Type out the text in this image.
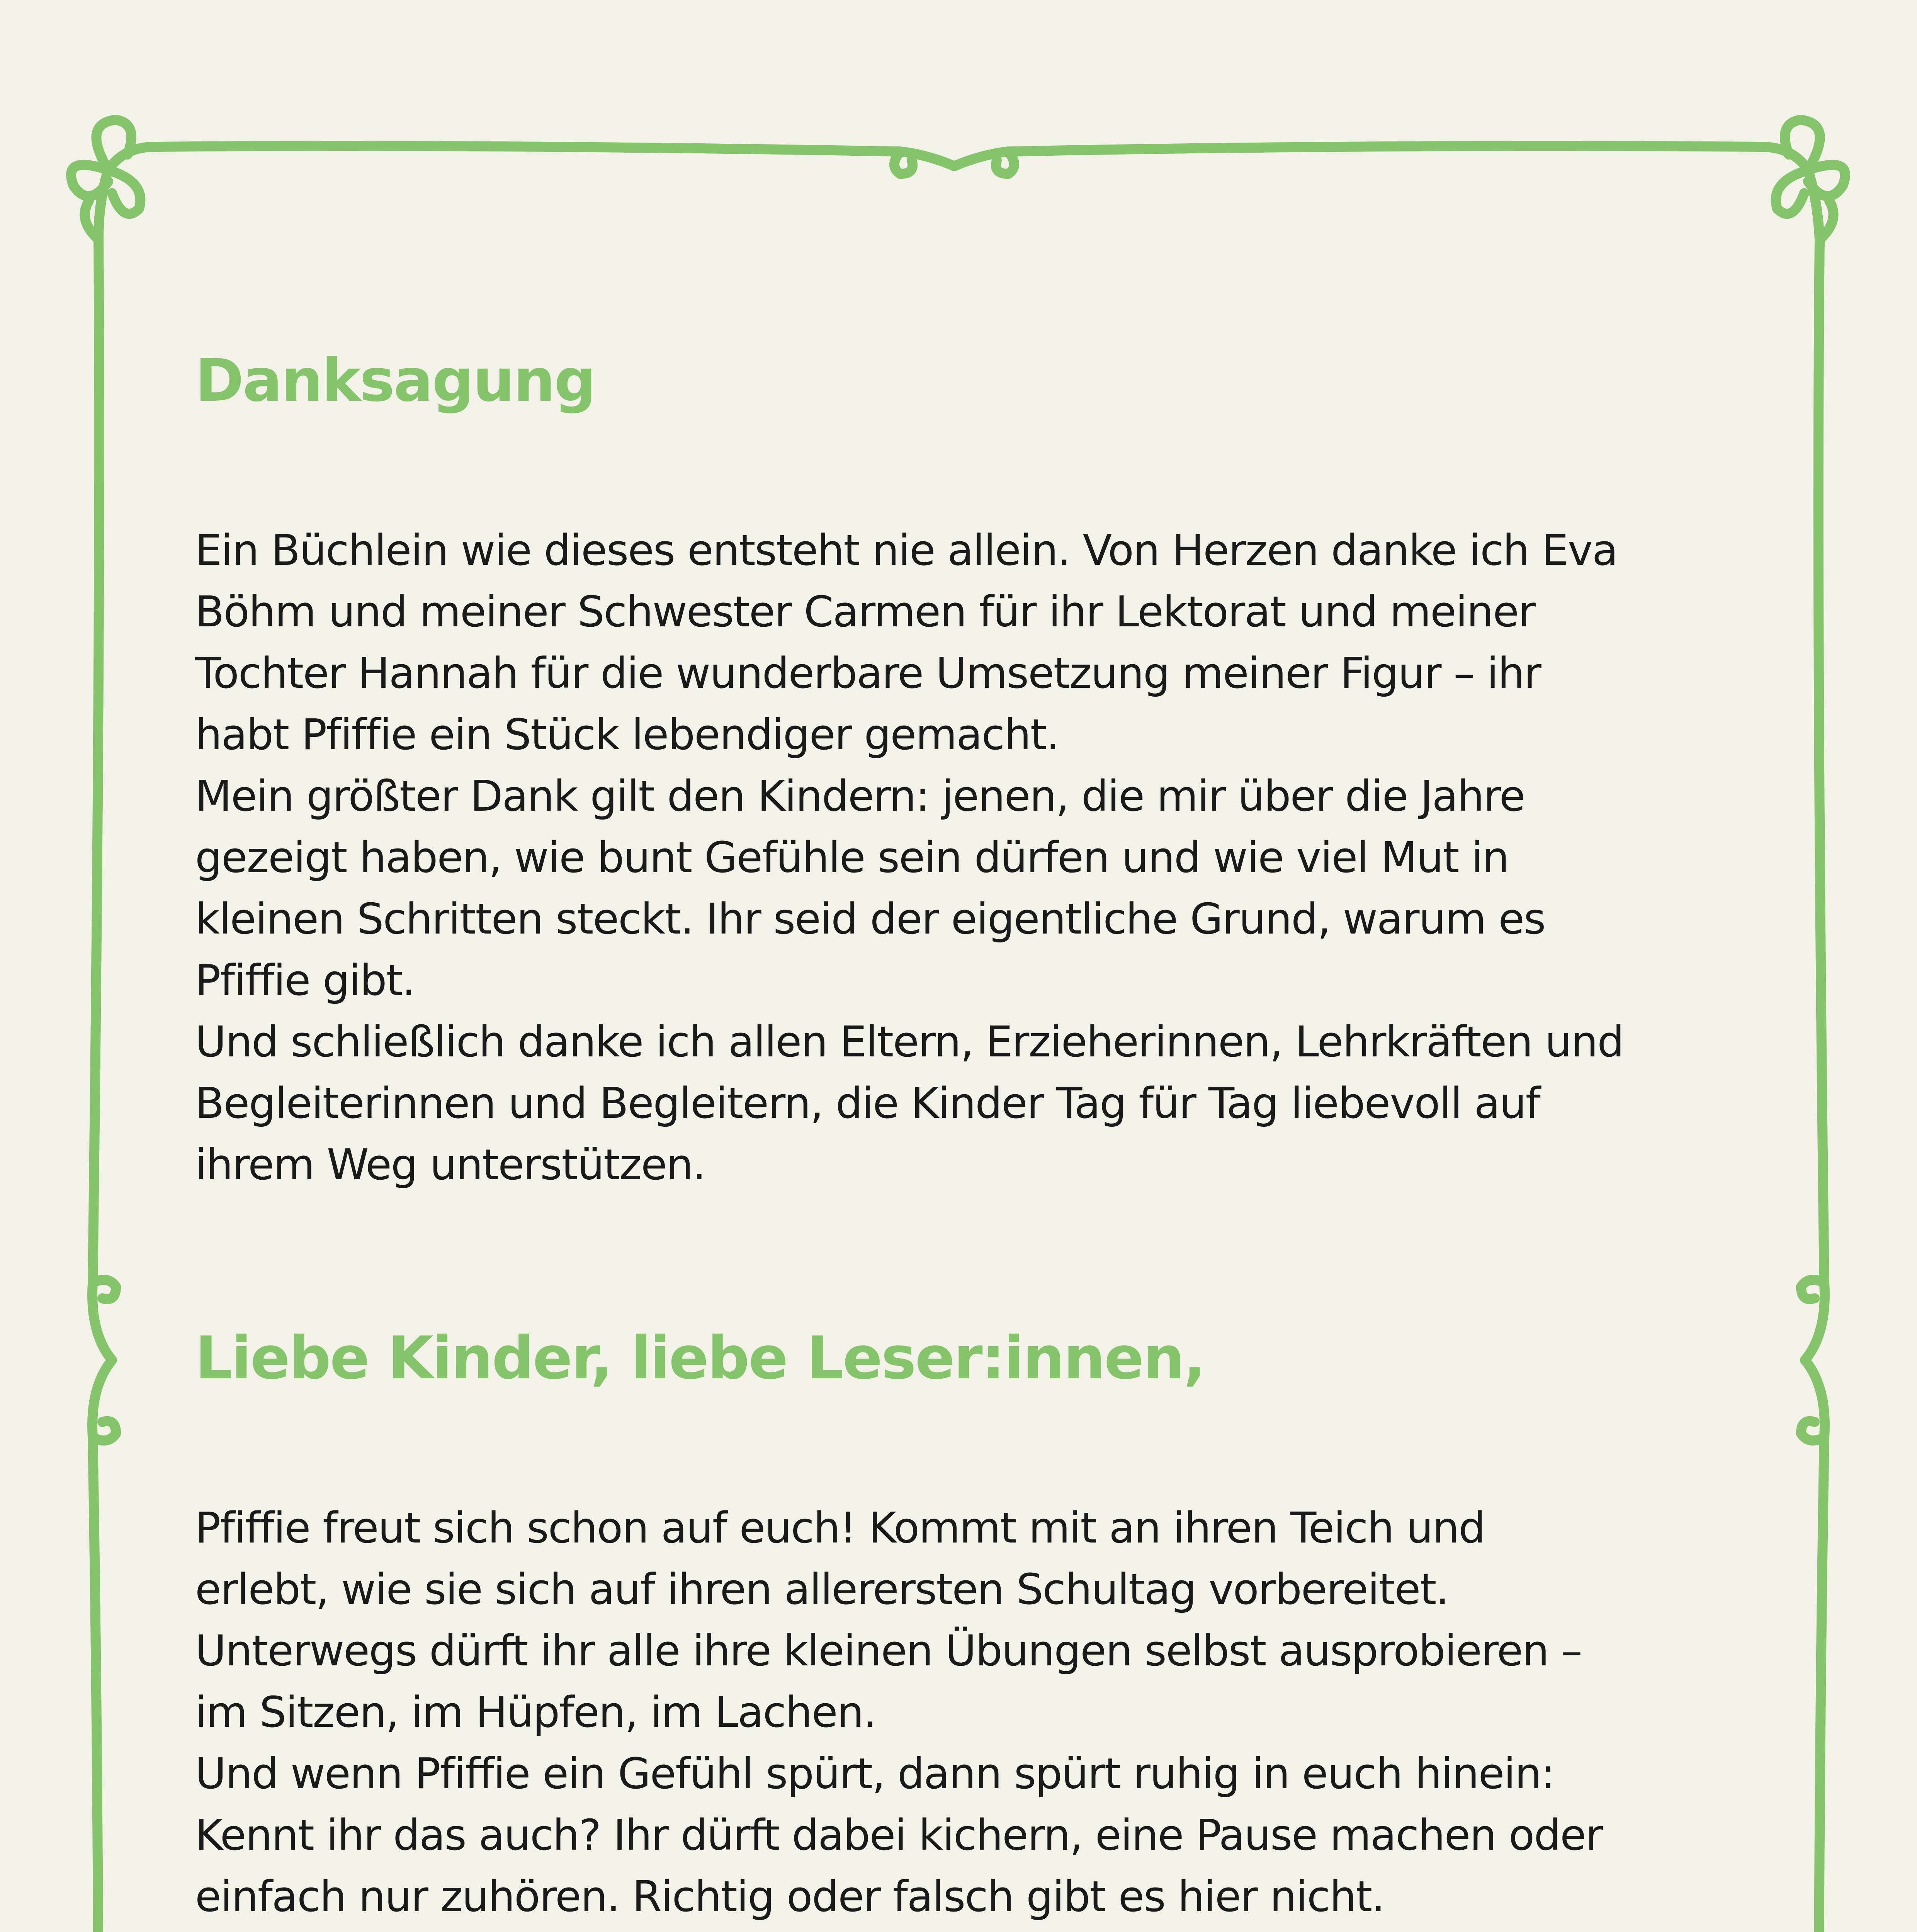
Danksagung
Ein Büchlein wie dieses entsteht nie allein. Von Herzen danke ich Eva
Böhm und meiner Schwester Carmen für ihr Lektorat und meiner
Tochter Hannah für die wunderbare Umsetzung meiner Figur – ihr
habt Pfiffie ein Stück lebendiger gemacht.
Mein größter Dank gilt den Kindern: jenen, die mir über die Jahre
gezeigt haben, wie bunt Gefühle sein dürfen und wie viel Mut in
kleinen Schritten steckt. Ihr seid der eigentliche Grund, warum es
Pfiffie gibt.
Und schließlich danke ich allen Eltern, Erzieherinnen, Lehrkräften und
Begleiterinnen und Begleitern, die Kinder Tag für Tag liebevoll auf
ihrem Weg unterstützen.
Liebe Kinder, liebe Leser:innen,
Pfiffie freut sich schon auf euch! Kommt mit an ihren Teich und
erlebt, wie sie sich auf ihren allerersten Schultag vorbereitet.
Unterwegs dürft ihr alle ihre kleinen Übungen selbst ausprobieren –
im Sitzen, im Hüpfen, im Lachen.
Und wenn Pfiffie ein Gefühl spürt, dann spürt ruhig in euch hinein:
Kennt ihr das auch? Ihr dürft dabei kichern, eine Pause machen oder
einfach nur zuhören. Richtig oder falsch gibt es hier nicht.
